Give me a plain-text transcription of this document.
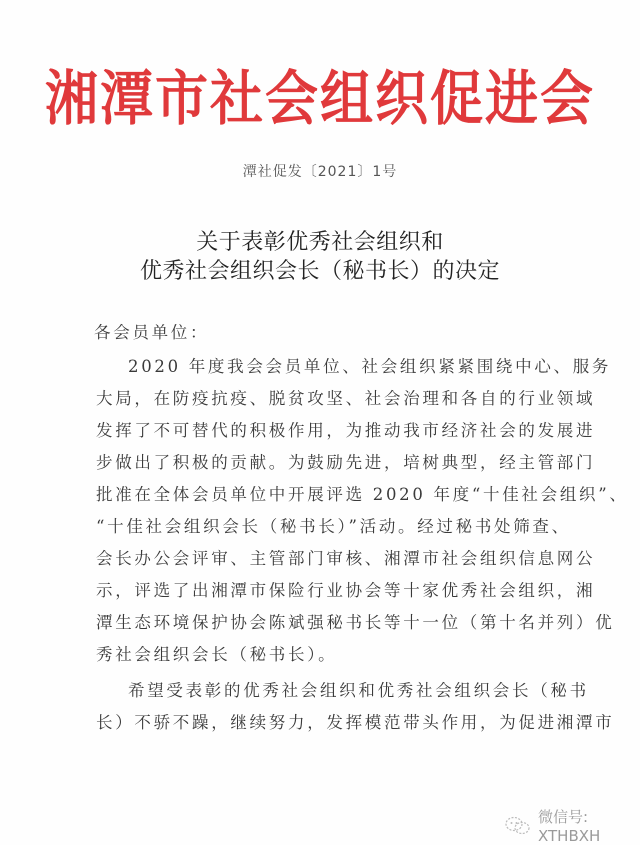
湘潭市社会组织促进会
潭社促发〔2021〕1号
关于表彰优秀社会组织和
优秀社会组织会长（秘书长）的决定
各会员单位：
2020 年度我会会员单位、社会组织紧紧围绕中心、服务
大局，在防疫抗疫、脱贫攻坚、社会治理和各自的行业领域
发挥了不可替代的积极作用，为推动我市经济社会的发展进
步做出了积极的贡献。为鼓励先进，培树典型，经主管部门
批准在全体会员单位中开展评选 2020 年度“十佳社会组织”、
“十佳社会组织会长（秘书长）”活动。经过秘书处筛查、
会长办公会评审、主管部门审核、湘潭市社会组织信息网公
示，评选了出湘潭市保险行业协会等十家优秀社会组织，湘
潭生态环境保护协会陈斌强秘书长等十一位（第十名并列）优
秀社会组织会长（秘书长）。
希望受表彰的优秀社会组织和优秀社会组织会长（秘书
长）不骄不躁，继续努力，发挥模范带头作用，为促进湘潭市
微信号: XTHBXH
